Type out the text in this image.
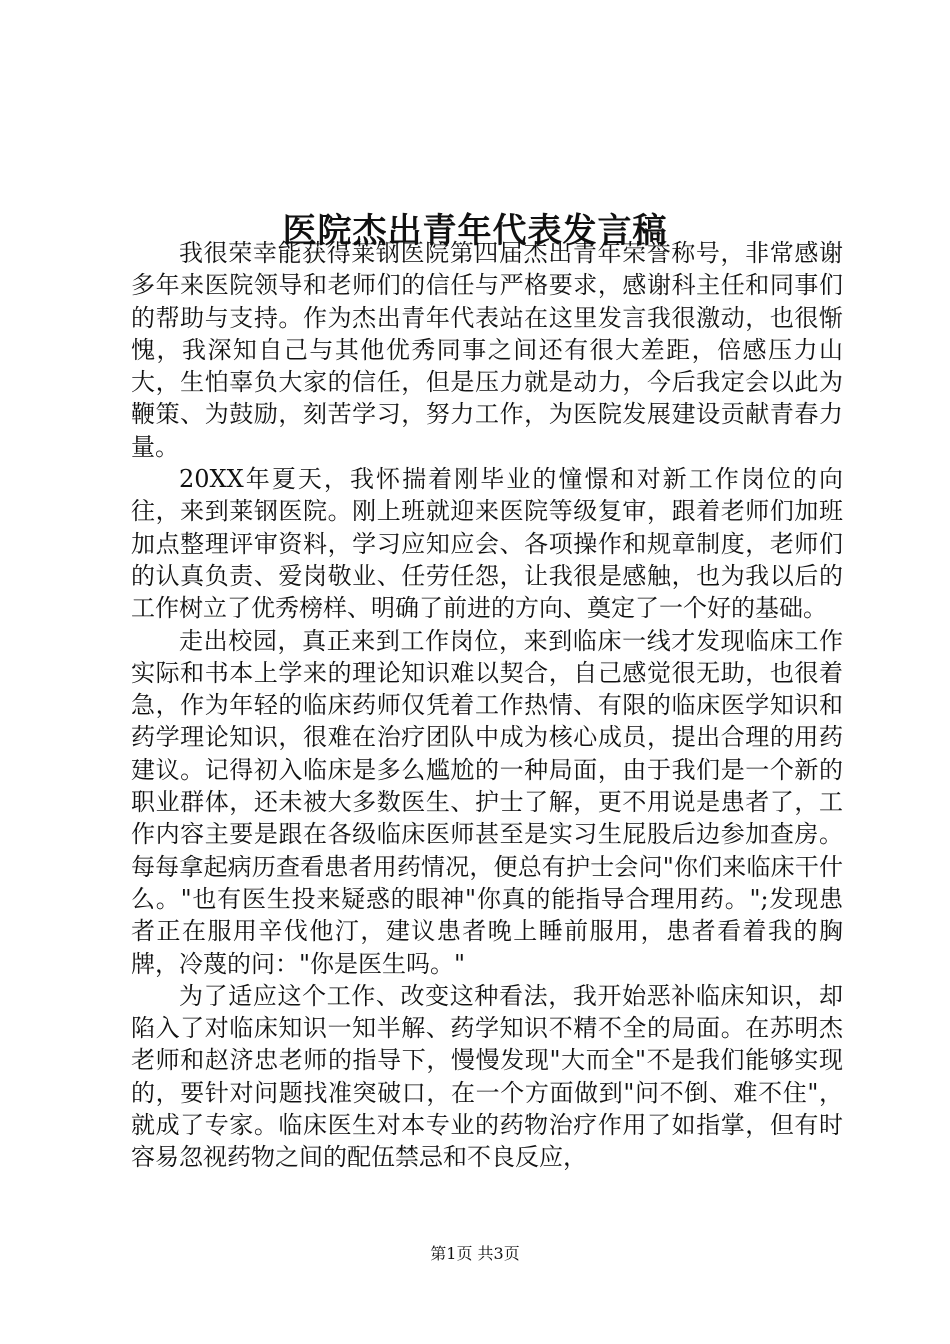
医院杰出青年代表发言稿

我很荣幸能获得莱钢医院第四届杰出青年荣誉称号，非常感谢多年来医院领导和老师们的信任与严格要求，感谢科主任和同事们的帮助与支持。作为杰出青年代表站在这里发言我很激动，也很惭愧，我深知自己与其他优秀同事之间还有很大差距，倍感压力山大，生怕辜负大家的信任，但是压力就是动力，今后我定会以此为鞭策、为鼓励，刻苦学习，努力工作，为医院发展建设贡献青春力量。

20XX年夏天，我怀揣着刚毕业的憧憬和对新工作岗位的向往，来到莱钢医院。刚上班就迎来医院等级复审，跟着老师们加班加点整理评审资料，学习应知应会、各项操作和规章制度，老师们的认真负责、爱岗敬业、任劳任怨，让我很是感触，也为我以后的工作树立了优秀榜样、明确了前进的方向、奠定了一个好的基础。

走出校园，真正来到工作岗位，来到临床一线才发现临床工作实际和书本上学来的理论知识难以契合，自己感觉很无助，也很着急，作为年轻的临床药师仅凭着工作热情、有限的临床医学知识和药学理论知识，很难在治疗团队中成为核心成员，提出合理的用药建议。记得初入临床是多么尴尬的一种局面，由于我们是一个新的职业群体，还未被大多数医生、护士了解，更不用说是患者了，工作内容主要是跟在各级临床医师甚至是实习生屁股后边参加查房。每每拿起病历查看患者用药情况，便总有护士会问"你们来临床干什么。"也有医生投来疑惑的眼神"你真的能指导合理用药。";发现患者正在服用辛伐他汀，建议患者晚上睡前服用，患者看着我的胸牌，冷蔑的问："你是医生吗。"

为了适应这个工作、改变这种看法，我开始恶补临床知识，却陷入了对临床知识一知半解、药学知识不精不全的局面。在苏明杰老师和赵济忠老师的指导下，慢慢发现"大而全"不是我们能够实现的，要针对问题找准突破口，在一个方面做到"问不倒、难不住"，就成了专家。临床医生对本专业的药物治疗作用了如指掌，但有时容易忽视药物之间的配伍禁忌和不良反应，

第1页 共3页
